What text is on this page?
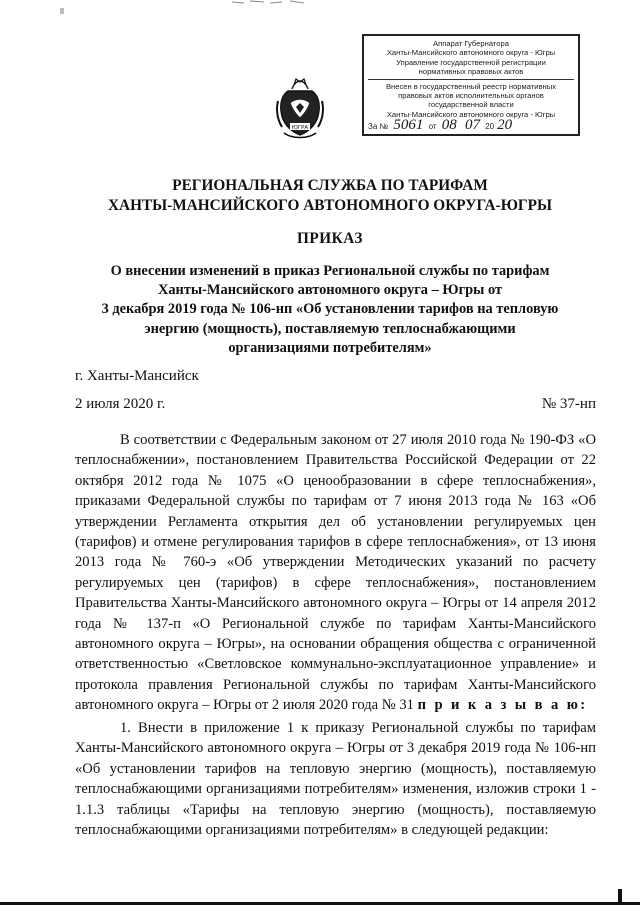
Аппарат Губернатора
Ханты-Мансийского автономного округа - Югры
Управление государственной регистрации
нормативных правовых актов
Внесен в государственный реестр нормативных
правовых актов исполнительных органов
государственной власти
Ханты-Мансийского автономного округа - Югры
За № 5061 от 08 07 20 20
ЮГРА
РЕГИОНАЛЬНАЯ СЛУЖБА ПО ТАРИФАМ
ХАНТЫ-МАНСИЙСКОГО АВТОНОМНОГО ОКРУГА-ЮГРЫ
ПРИКАЗ
О внесении изменений в приказ Региональной службы по тарифам
Ханты-Мансийского автономного округа – Югры от
3 декабря 2019 года № 106-нп «Об установлении тарифов на тепловую
энергию (мощность), поставляемую теплоснабжающими
организациями потребителям»
г. Ханты-Мансийск
2 июля 2020 г.	№ 37-нп
В соответствии с Федеральным законом от 27 июля 2010 года № 190-ФЗ «О теплоснабжении», постановлением Правительства Российской Федерации от 22 октября 2012 года № 1075 «О ценообразовании в сфере теплоснабжения», приказами Федеральной службы по тарифам от 7 июня 2013 года № 163 «Об утверждении Регламента открытия дел об установлении регулируемых цен (тарифов) и отмене регулирования тарифов в сфере теплоснабжения», от 13 июня 2013 года № 760-э «Об утверждении Методических указаний по расчету регулируемых цен (тарифов) в сфере теплоснабжения», постановлением Правительства Ханты-Мансийского автономного округа – Югры от 14 апреля 2012 года № 137-п «О Региональной службе по тарифам Ханты-Мансийского автономного округа – Югры», на основании обращения общества с ограниченной ответственностью «Светловское коммунально-эксплуатационное управление» и протокола правления Региональной службы по тарифам Ханты-Мансийского автономного округа – Югры от 2 июля 2020 года № 31 п р и к а з ы в а ю:
1. Внести в приложение 1 к приказу Региональной службы по тарифам Ханты-Мансийского автономного округа – Югры от 3 декабря 2019 года № 106-нп «Об установлении тарифов на тепловую энергию (мощность), поставляемую теплоснабжающими организациями потребителям» изменения, изложив строки 1 - 1.1.3 таблицы «Тарифы на тепловую энергию (мощность), поставляемую теплоснабжающими организациями потребителям» в следующей редакции:
